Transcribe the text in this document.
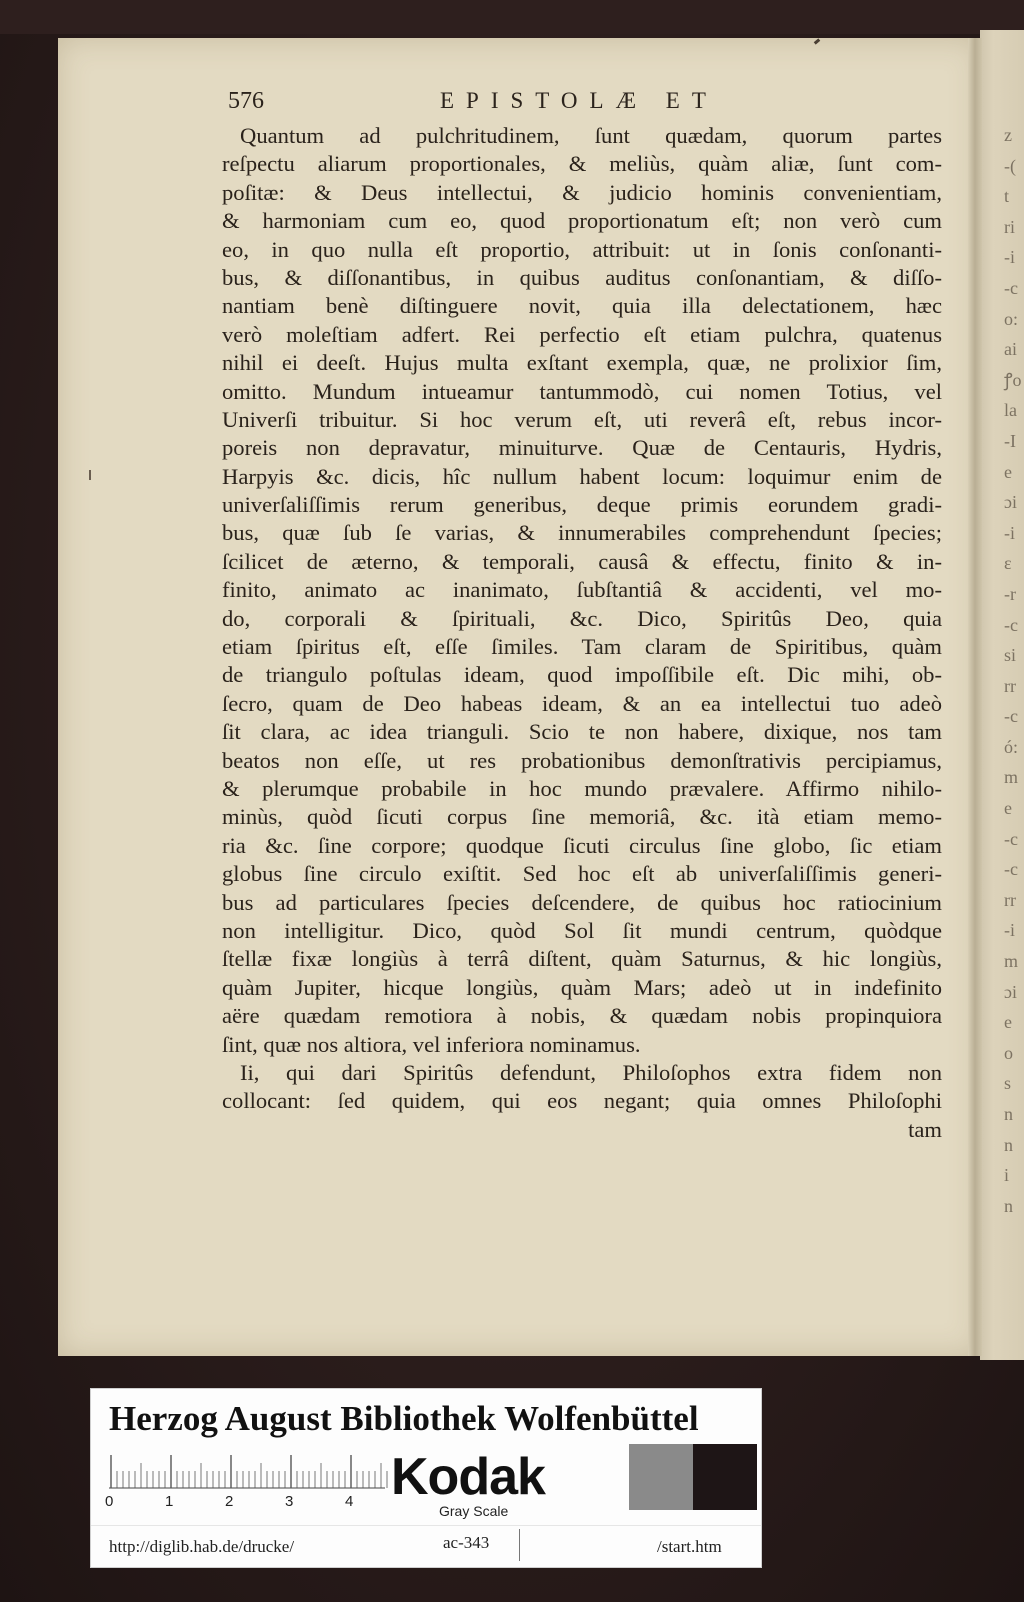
z
-(
t
ri
-i
-c
o:
ai
ꝭo
la
-I
e
ɔi
-i
ɛ
-r
-c
si
rr
-c
ó:
m
e
-c
-c
rr
-i
m
ɔi
e
o
s
n
n
i
n
576	EPISTOLÆ ET
Quantum ad pulchritudinem, ſunt quædam, quorum partes
reſpectu aliarum proportionales, & meliùs, quàm aliæ, ſunt com-
poſitæ: & Deus intellectui, & judicio hominis convenientiam,
& harmoniam cum eo, quod proportionatum eſt; non verò cum
eo, in quo nulla eſt proportio, attribuit: ut in ſonis conſonanti-
bus, & diſſonantibus, in quibus auditus conſonantiam, & diſſo-
nantiam benè diſtinguere novit, quia illa delectationem, hæc
verò moleſtiam adfert. Rei perfectio eſt etiam pulchra, quatenus
nihil ei deeſt. Hujus multa exſtant exempla, quæ, ne prolixior ſim,
omitto. Mundum intueamur tantummodò, cui nomen Totius, vel
Univerſi tribuitur. Si hoc verum eſt, uti reverâ eſt, rebus incor-
poreis non depravatur, minuiturve. Quæ de Centauris, Hydris,
Harpyis &c. dicis, hîc nullum habent locum: loquimur enim de
univerſaliſſimis rerum generibus, deque primis eorundem gradi-
bus, quæ ſub ſe varias, & innumerabiles comprehendunt ſpecies;
ſcilicet de æterno, & temporali, causâ & effectu, finito & in-
finito, animato ac inanimato, ſubſtantiâ & accidenti, vel mo-
do, corporali & ſpirituali, &c. Dico, Spiritûs Deo, quia
etiam ſpiritus eſt, eſſe ſimiles. Tam claram de Spiritibus, quàm
de triangulo poſtulas ideam, quod impoſſibile eſt. Dic mihi, ob-
ſecro, quam de Deo habeas ideam, & an ea intellectui tuo adeò
ſit clara, ac idea trianguli. Scio te non habere, dixique, nos tam
beatos non eſſe, ut res probationibus demonſtrativis percipiamus,
& plerumque probabile in hoc mundo prævalere. Affirmo nihilo-
minùs, quòd ſicuti corpus ſine memoriâ, &c. ità etiam memo-
ria &c. ſine corpore; quodque ſicuti circulus ſine globo, ſic etiam
globus ſine circulo exiſtit. Sed hoc eſt ab univerſaliſſimis generi-
bus ad particulares ſpecies deſcendere, de quibus hoc ratiocinium
non intelligitur. Dico, quòd Sol ſit mundi centrum, quòdque
ſtellæ fixæ longiùs à terrâ diſtent, quàm Saturnus, & hic longiùs,
quàm Jupiter, hicque longiùs, quàm Mars; adeò ut in indefinito
aëre quædam remotiora à nobis, & quædam nobis propinquiora
ſint, quæ nos altiora, vel inferiora nominamus.
Ii, qui dari Spiritûs defendunt, Philoſophos extra fidem non
collocant: ſed quidem, qui eos negant; quia omnes Philoſophi
tam
Herzog August Bibliothek Wolfenbüttel
0	1	2	3	4 Kodak
Gray Scale
http://diglib.hab.de/drucke/	ac-343	/start.htm
